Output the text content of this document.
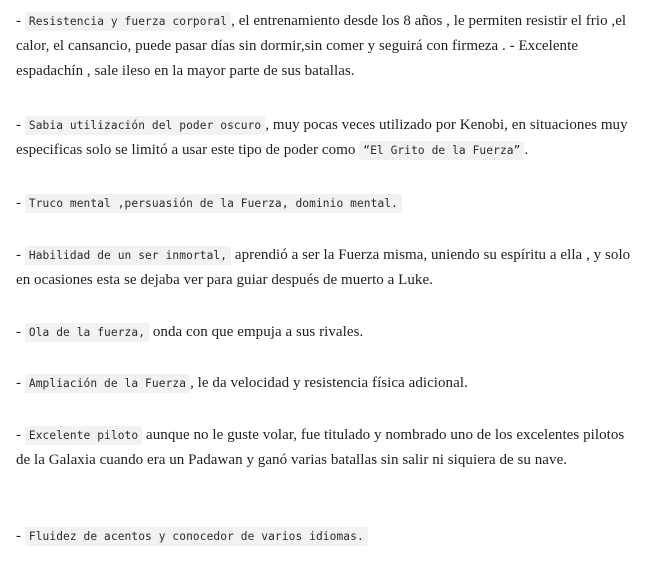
- Resistencia y fuerza corporal , el entrenamiento desde los 8 años , le permiten resistir el frio ,el calor, el cansancio, puede pasar días sin dormir,sin comer y seguirá con firmeza . - Excelente espadachín , sale ileso en la mayor parte de sus batallas.

- Sabia utilización del poder oscuro , muy pocas veces utilizado por Kenobi, en situaciones muy especificas solo se limitó a usar este tipo de poder como “El Grito de la Fuerza” .

- Truco mental ,persuasión de la Fuerza, dominio mental.

- Habilidad de un ser inmortal, aprendió a ser la Fuerza misma, uniendo su espíritu a ella , y solo en ocasiones esta se dejaba ver para guiar después de muerto a Luke.

- Ola de la fuerza, onda con que empuja a sus rivales.

- Ampliación de la Fuerza , le da velocidad y resistencia física adicional.

- Excelente piloto aunque no le guste volar, fue titulado y nombrado uno de los excelentes pilotos de la Galaxia cuando era un Padawan y ganó varias batallas sin salir ni siquiera de su nave.

- Fluidez de acentos y conocedor de varios idiomas.
